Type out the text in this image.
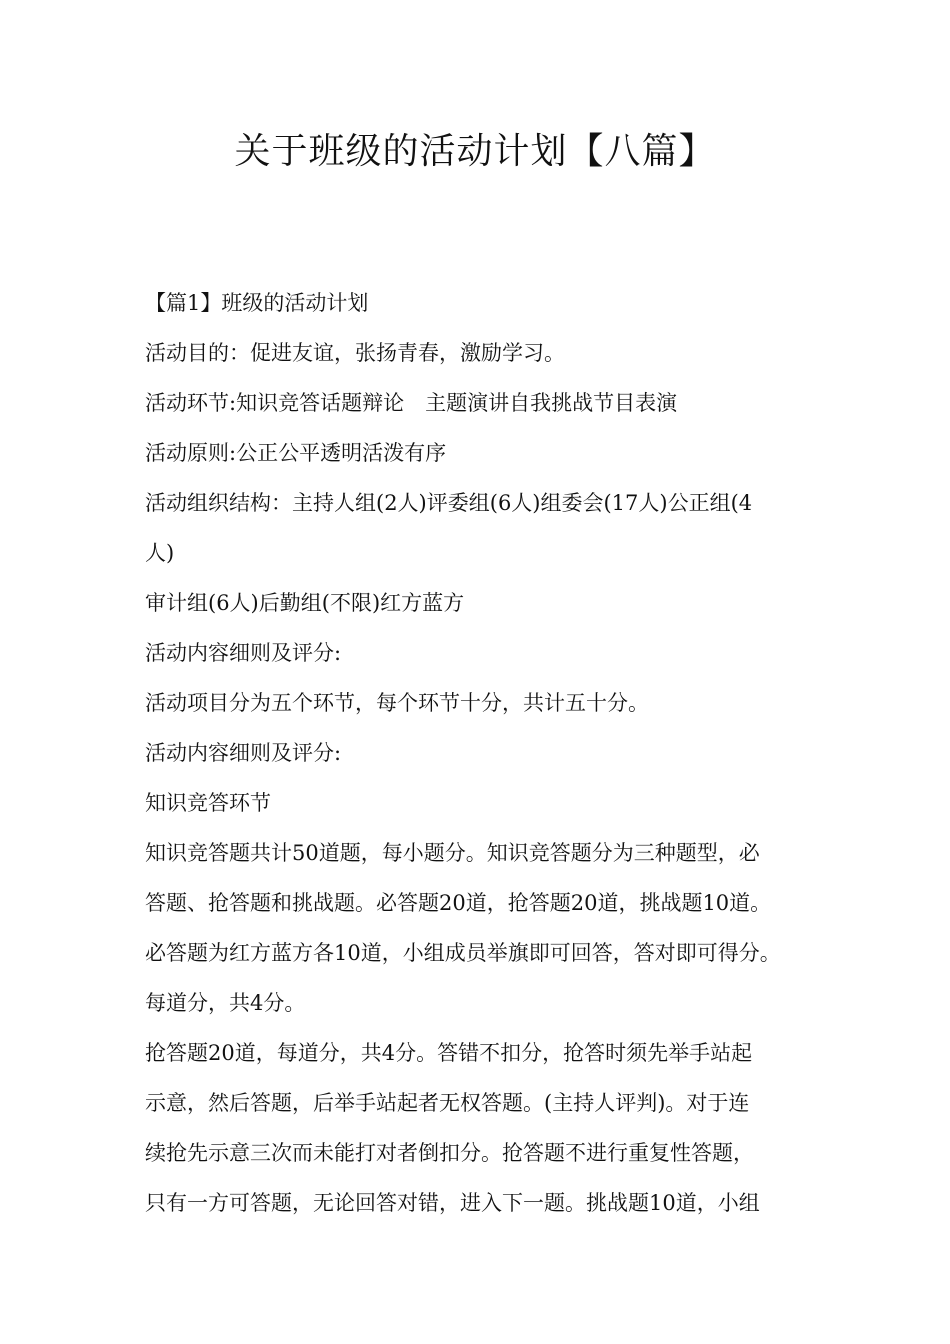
关于班级的活动计划【八篇】

【篇1】班级的活动计划

活动目的：促进友谊，张扬青春，激励学习。

活动环节:知识竞答话题辩论　主题演讲自我挑战节目表演

活动原则:公正公平透明活泼有序

活动组织结构：主持人组(2人)评委组(6人)组委会(17人)公正组(4

人)

审计组(6人)后勤组(不限)红方蓝方

活动内容细则及评分:

活动项目分为五个环节，每个环节十分，共计五十分。

活动内容细则及评分:

知识竞答环节

知识竞答题共计50道题，每小题分。知识竞答题分为三种题型，必

答题、抢答题和挑战题。必答题20道，抢答题20道，挑战题10道。

必答题为红方蓝方各10道，小组成员举旗即可回答，答对即可得分。

每道分，共4分。

抢答题20道，每道分，共4分。答错不扣分，抢答时须先举手站起

示意，然后答题，后举手站起者无权答题。(主持人评判)。对于连

续抢先示意三次而未能打对者倒扣分。抢答题不进行重复性答题，

只有一方可答题，无论回答对错，进入下一题。挑战题10道，小组
